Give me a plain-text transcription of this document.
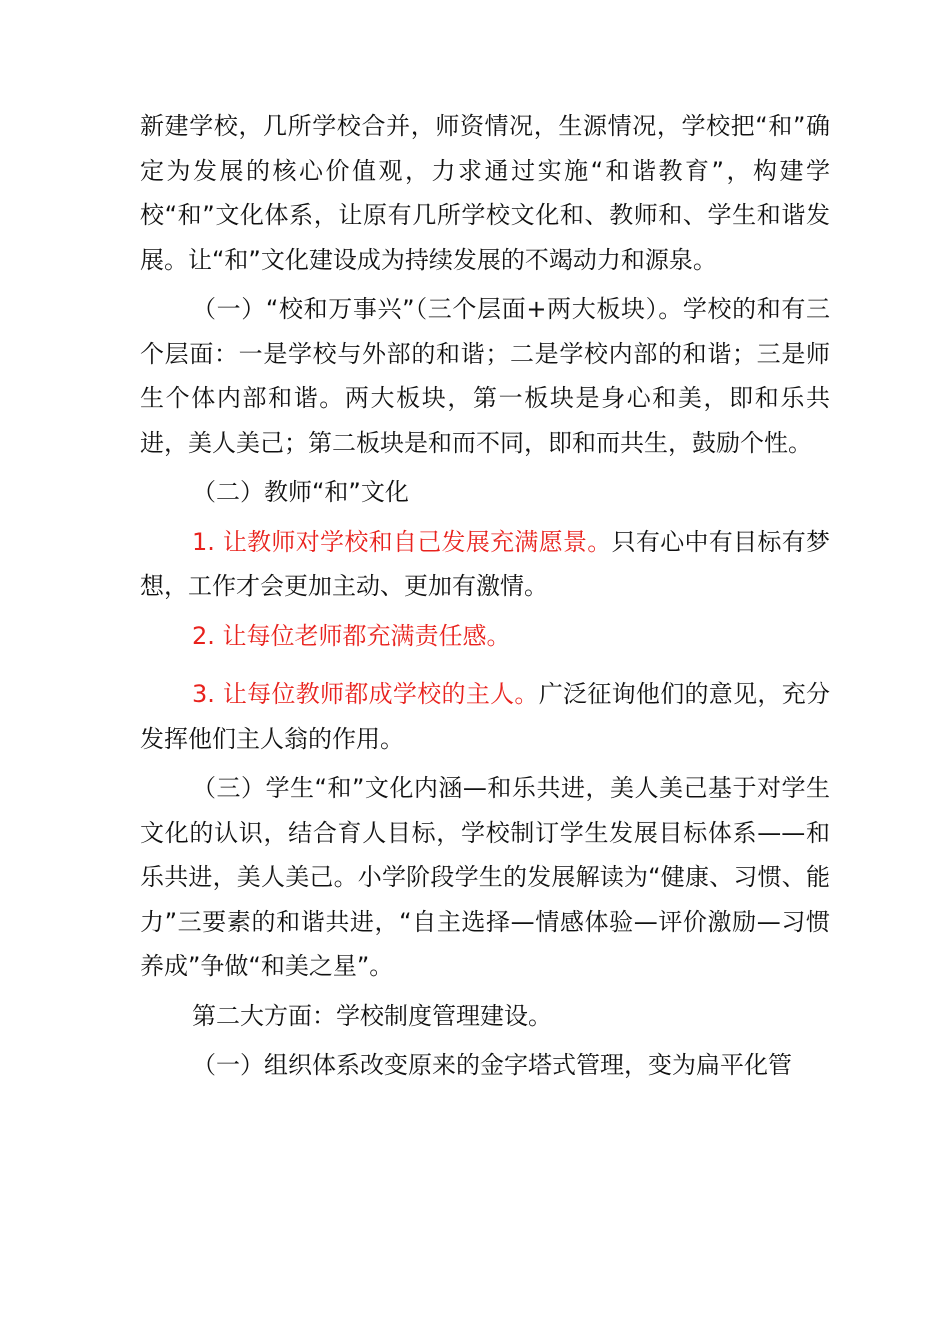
新建学校，几所学校合并，师资情况，生源情况，学校把“和”确定为发展的核心价值观，力求通过实施“和谐教育”，构建学校“和”文化体系，让原有几所学校文化和、教师和、学生和谐发展。让“和”文化建设成为持续发展的不竭动力和源泉。

（一）“校和万事兴”（三个层面+两大板块）。学校的和有三个层面：一是学校与外部的和谐；二是学校内部的和谐；三是师生个体内部和谐。两大板块，第一板块是身心和美，即和乐共进，美人美己；第二板块是和而不同，即和而共生，鼓励个性。

（二）教师“和”文化

1. 让教师对学校和自己发展充满愿景。只有心中有目标有梦想，工作才会更加主动、更加有激情。

2. 让每位老师都充满责任感。

3. 让每位教师都成学校的主人。广泛征询他们的意见，充分发挥他们主人翁的作用。

（三）学生“和”文化内涵—和乐共进，美人美己基于对学生文化的认识，结合育人目标，学校制订学生发展目标体系——和乐共进，美人美己。小学阶段学生的发展解读为“健康、习惯、能力”三要素的和谐共进，“自主选择—情感体验—评价激励—习惯养成”争做“和美之星”。

第二大方面：学校制度管理建设。

（一）组织体系改变原来的金字塔式管理，变为扁平化管
